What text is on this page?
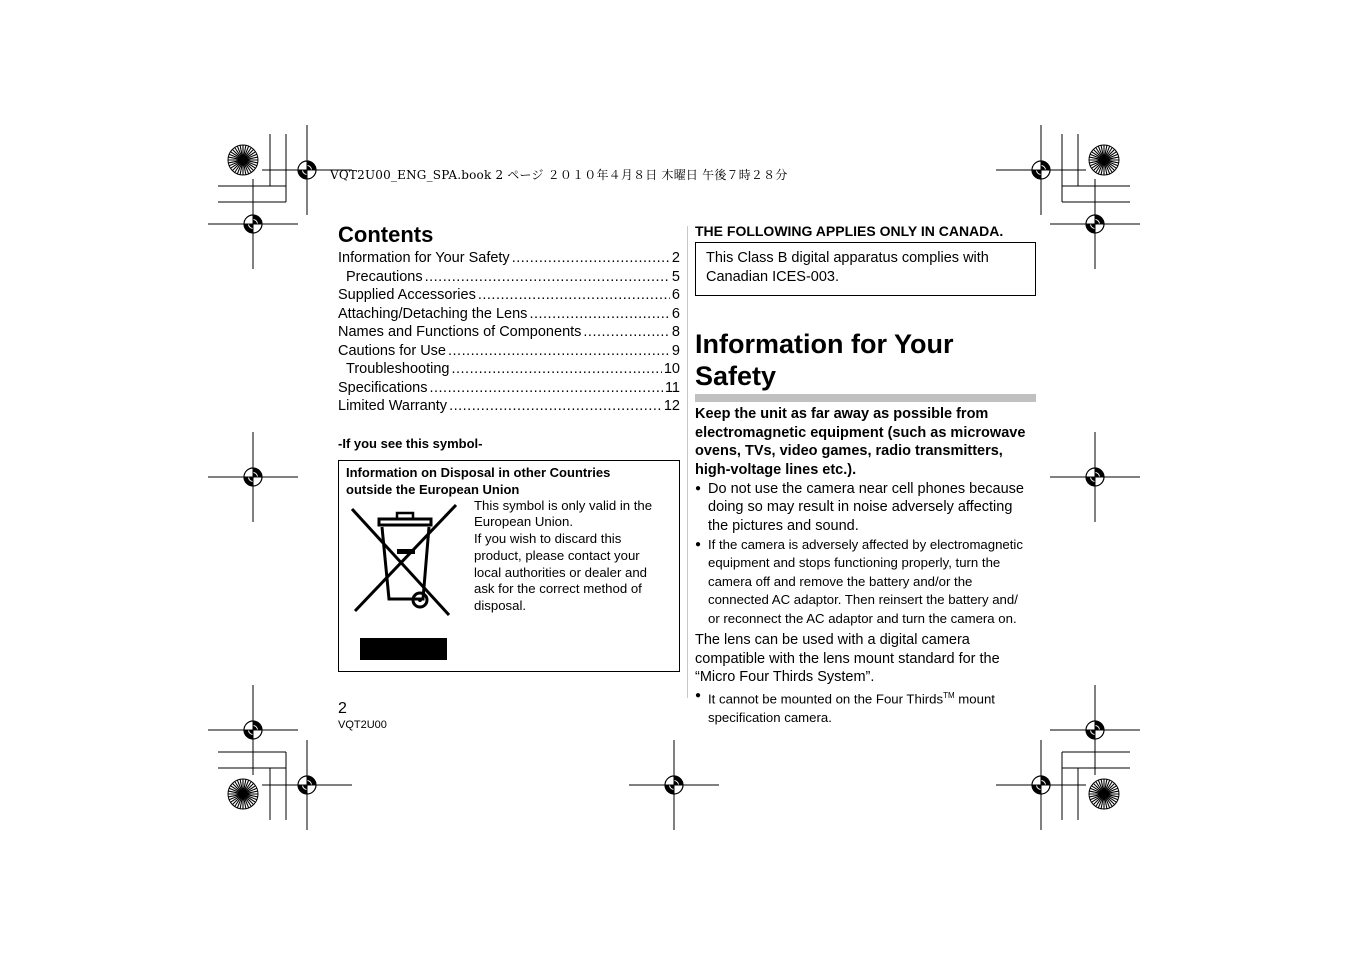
VQT2U00_ENG_SPA.book 2 ページ ２０１０年４月８日 木曜日 午後７時２８分
Contents
Information for Your Safety .....	2
Precautions .....	5
Supplied Accessories .....	6
Attaching/Detaching the Lens .....	6
Names and Functions of Components .....	8
Cautions for Use .....	9
Troubleshooting .....	10
Specifications .....	11
Limited Warranty .....	12
-If you see this symbol-
Information on Disposal in other Countries
outside the European Union
This symbol is only valid in the
European Union.
If you wish to discard this
product, please contact your
local authorities or dealer and
ask for the correct method of
disposal.
2
VQT2U00
THE FOLLOWING APPLIES ONLY IN CANADA.
This Class B digital apparatus complies with
Canadian ICES-003.
Information for Your Safety
Keep the unit as far away as possible from
electromagnetic equipment (such as microwave
ovens, TVs, video games, radio transmitters,
high-voltage lines etc.).
● Do not use the camera near cell phones because
doing so may result in noise adversely affecting
the pictures and sound.
● If the camera is adversely affected by electromagnetic
equipment and stops functioning properly, turn the
camera off and remove the battery and/or the
connected AC adaptor. Then reinsert the battery and/
or reconnect the AC adaptor and turn the camera on.
The lens can be used with a digital camera
compatible with the lens mount standard for the
“Micro Four Thirds System”.
● It cannot be mounted on the Four Thirds™ mount
specification camera.
